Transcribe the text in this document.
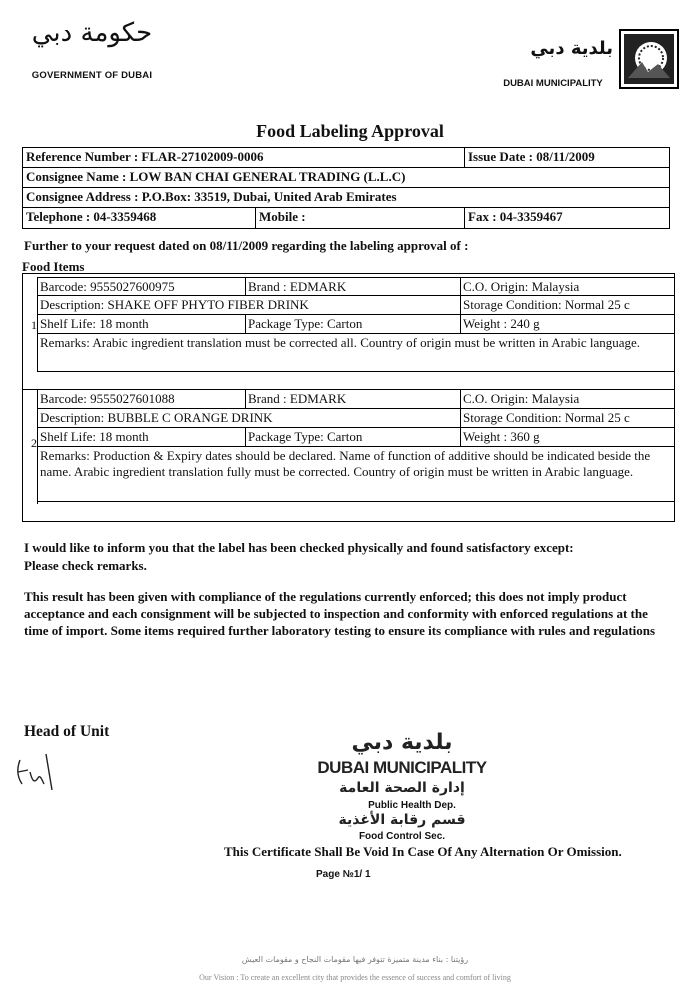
حكومة دبي
GOVERNMENT OF DUBAI
بلدية دبي
DUBAI MUNICIPALITY
Food Labeling Approval
Reference Number : FLAR-27102009-0006	Issue Date : 08/11/2009
Consignee Name : LOW BAN CHAI GENERAL TRADING (L.L.C)
Consignee Address : P.O.Box: 33519, Dubai, United Arab Emirates
Telephone : 04-3359468	Mobile :	Fax : 04-3359467
Further to your request dated on 08/11/2009 regarding the labeling approval of :
Food Items
1
Barcode: 9555027600975	Brand : EDMARK	C.O. Origin: Malaysia
Description: SHAKE OFF PHYTO FIBER DRINK	Storage Condition: Normal 25 c
Shelf Life: 18 month	Package Type: Carton	Weight : 240 g
Remarks: Arabic ingredient translation must be corrected all. Country of origin must be written in Arabic language.
2
Barcode: 9555027601088	Brand : EDMARK	C.O. Origin: Malaysia
Description: BUBBLE C ORANGE DRINK	Storage Condition: Normal 25 c
Shelf Life: 18 month	Package Type: Carton	Weight : 360 g
Remarks: Production & Expiry dates should be declared. Name of function of additive should be indicated beside the name. Arabic ingredient translation fully must be corrected. Country of origin must be written in Arabic language.
I would like to inform you that the label has been checked physically and found satisfactory except:
Please check remarks.
This result has been given with compliance of the regulations currently enforced; this does not imply product acceptance and each consignment will be subjected to inspection and conformity with enforced regulations at the time of import. Some items required further laboratory testing to ensure its compliance with rules and regulations
Head of Unit	بلدية دبي
DUBAI MUNICIPALITY
إدارة الصحة العامة
Public Health Dep.
قسم رقابة الأغذية
Food Control Sec.
This Certificate Shall Be Void In Case Of Any Alternation Or Omission.
Page №1/ 1
رؤيتنا : بناء مدينة متميزة تتوفر فيها مقومات النجاح و مقومات العيش
Our Vision : To create an excellent city that provides the essence of success and comfort of living
